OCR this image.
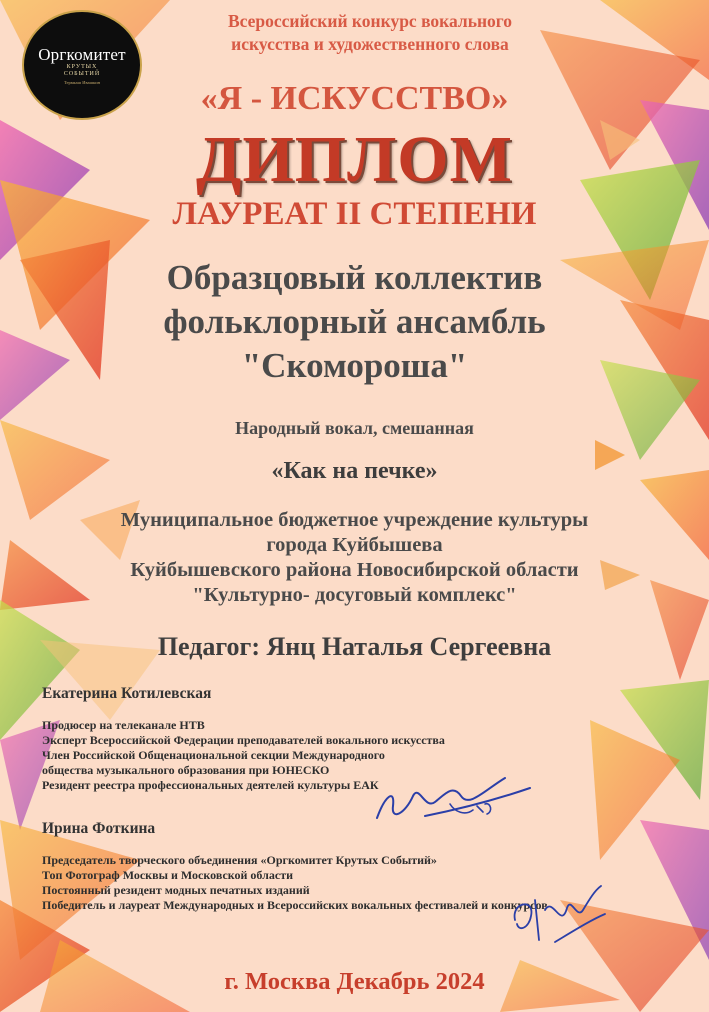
Оргкомитет
КРУТЫХ
СОБЫТИЙ
Термкаш Ивашкин
Всероссийский конкурс вокального
искусства и художественного слова
«Я - ИСКУССТВО»
ДИПЛОМ
ЛАУРЕАТ II СТЕПЕНИ
Образцовый коллектив
фольклорный ансамбль
"Скомороша"
Народный вокал, смешанная
«Как на печке»
Муниципальное бюджетное учреждение культуры
города Куйбышева
Куйбышевского района Новосибирской области
"Культурно- досуговый комплекс"
Педагог: Янц Наталья Сергеевна
Екатерина Котилевская
Продюсер на телеканале НТВ
Эксперт Всероссийской Федерации преподавателей вокального искусства
Член Российской Общенациональной секции Международного
общества музыкального образования при ЮНЕСКО
Резидент реестра профессиональных деятелей культуры ЕАК
Ирина Фоткина
Председатель творческого объединения «Оргкомитет Крутых Событий»
Топ Фотограф Москвы и Московской области
Постоянный резидент модных печатных изданий
Победитель и лауреат Международных и Всероссийских вокальных фестивалей и конкурсов
г. Москва Декабрь 2024
